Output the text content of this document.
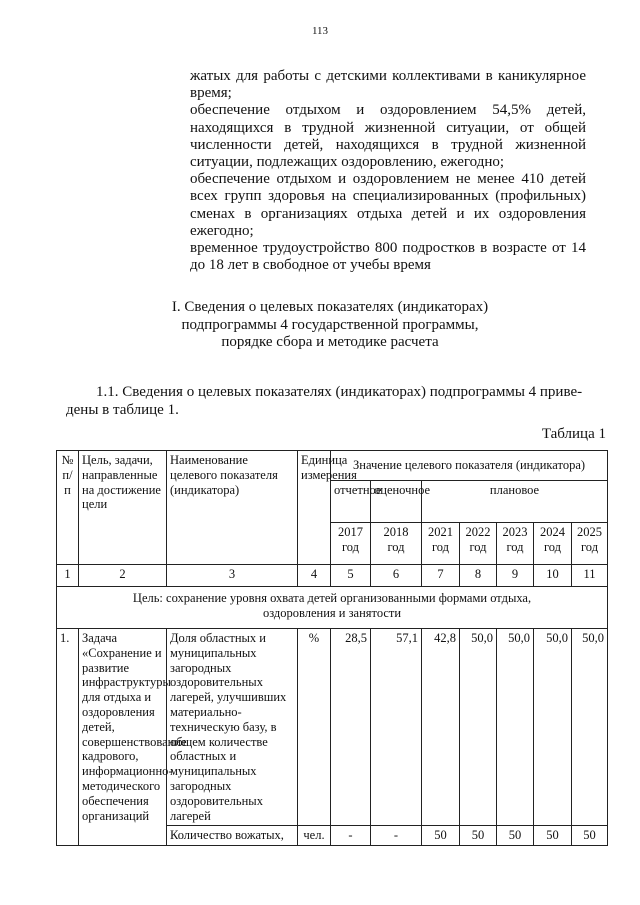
113

жатых для работы с детскими коллективами в каникулярное время;

обеспечение отдыхом и оздоровлением 54,5% детей, находящихся в трудной жизненной ситуации, от общей численности детей, находящихся в трудной жизненной ситуации, подлежащих оздоровлению, ежегодно;

обеспечение отдыхом и оздоровлением не менее 410 детей всех групп здоровья на специализированных (профильных) сменах в организациях отдыха детей и их оздоровления ежегодно;

временное трудоустройство 800 подростков в возрасте от 14 до 18 лет в свободное от учебы время

I. Сведения о целевых показателях (индикаторах)
подпрограммы 4 государственной программы,
порядке сбора и методике расчета
1.1. Сведения о целевых показателях (индикаторах) подпрограммы 4 приве-
дены в таблице 1.
Таблица 1
№ п/п	Цель, задачи, направленные на достижение цели	Наименование целевого показателя (индикатора)	Единица измерения	Значение целевого показателя (индикатора)						
				отчетное	оценочное	плановое				
				2017 год	2018 год	2021 год	2022 год	2023 год	2024 год	2025 год
1	2	3	4	5	6	7	8	9	10	11
Цель: сохранение уровня охвата детей организованными формами отдыха, оздоровления и занятости										
1.	Задача «Сохранение и развитие инфраструктуры для отдыха и оздоровления детей, совершенствование кадрового, информационно-методического обеспечения организаций	Доля областных и муниципальных загородных оздоровительных лагерей, улучшивших материально-техническую базу, в общем количестве областных и муниципальных загородных оздоровительных лагерей	%	28,5	57,1	42,8	50,0	50,0	50,0	50,0
		Количество вожатых,	чел.	-	-	50	50	50	50	50
